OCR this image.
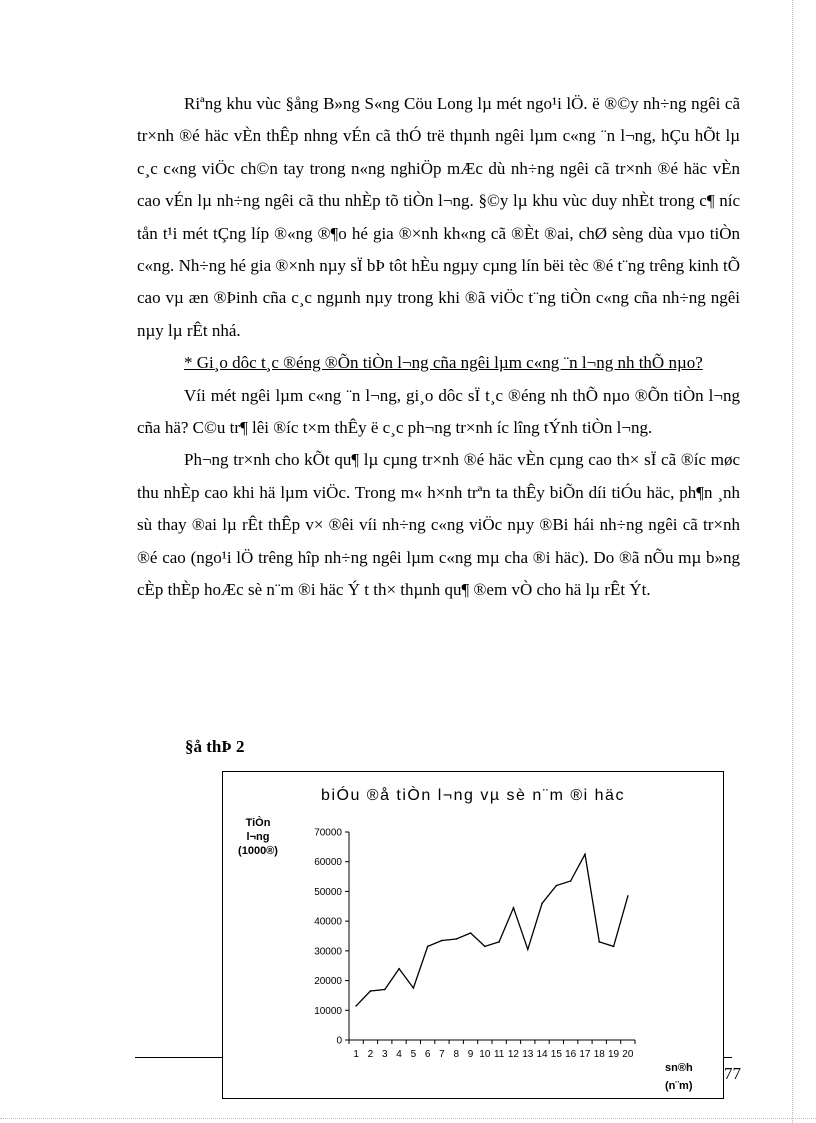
Riªng khu vùc §ång B»ng S«ng Cöu Long lµ mét ngo¹i lÖ. ë ®©y nh÷ng ngêi cã tr×nh ®é häc vÈn thÊp nhng vÉn cã thÓ trë thµnh ngêi lµm c«ng ¨n l¬ng, hÇu hÕt lµ c¸c c«ng viÖc ch©n tay trong n«ng nghiÖp mÆc dù nh÷ng ngêi cã tr×nh ®é häc vÈn cao vÉn lµ nh÷ng ngêi cã thu nhÈp tõ tiÒn l¬ng. §©y lµ khu vùc duy nhÈt trong c¶ níc tån t¹i mét tÇng líp ®«ng ®¶o hé gia ®×nh kh«ng cã ®Èt ®ai, chØ sèng dùa vµo tiÒn c«ng. Nh÷ng hé gia ®×nh nµy sÏ bÞ tôt hÈu ngµy cµng lín bëi tèc ®é t¨ng trêng kinh tÕ cao vµ æn ®Þinh cña c¸c ngµnh nµy trong khi ®ã viÖc t¨ng tiÒn c«ng cña nh÷ng ngêi nµy lµ rÊt nhá.

* Gi¸o dôc t¸c ®éng ®Õn tiÒn l¬ng cña ngêi lµm c«ng ¨n l¬ng nh thÕ nµo?

Víi mét ngêi lµm c«ng ¨n l¬ng, gi¸o dôc sÏ t¸c ®éng nh thÕ nµo ®Õn tiÒn l¬ng cña hä? C©u tr¶ lêi ®íc t×m thÊy ë c¸c ph¬ng tr×nh íc lîng tÝnh tiÒn l¬ng.

Ph¬ng tr×nh cho kÕt qu¶ lµ cµng tr×nh ®é häc vÈn cµng cao th× sÏ cã ®íc møc thu nhÈp cao khi hä lµm viÖc. Trong m« h×nh trªn ta thÊy biÕn díi tiÓu häc, ph¶n ¸nh sù thay ®ai lµ rÊt thÊp v× ®êi víi nh÷ng c«ng viÖc nµy ®Bi hái nh÷ng ngêi cã tr×nh ®é cao (ngo¹i lÖ trêng hîp nh÷ng ngêi lµm c«ng mµ cha ®i häc). Do ®ã nÕu mµ b»ng cÈp thÈp hoÆc sè n¨m ®i häc Ý t th× thµnh qu¶ ®em vÒ cho hä lµ rÊt Ýt.

§å thÞ 2
biÓu ®å tiÒn l¬ng vµ sè n¨m ®i häc
TiÒn
l¬ng
(1000®)
sn®h
(n¨m)
0
10000
20000
30000
40000
50000
60000
70000
1 2 3 4 5 6 7 8 9 10 11 12 13 14 15 16 17 18 19 20
77
